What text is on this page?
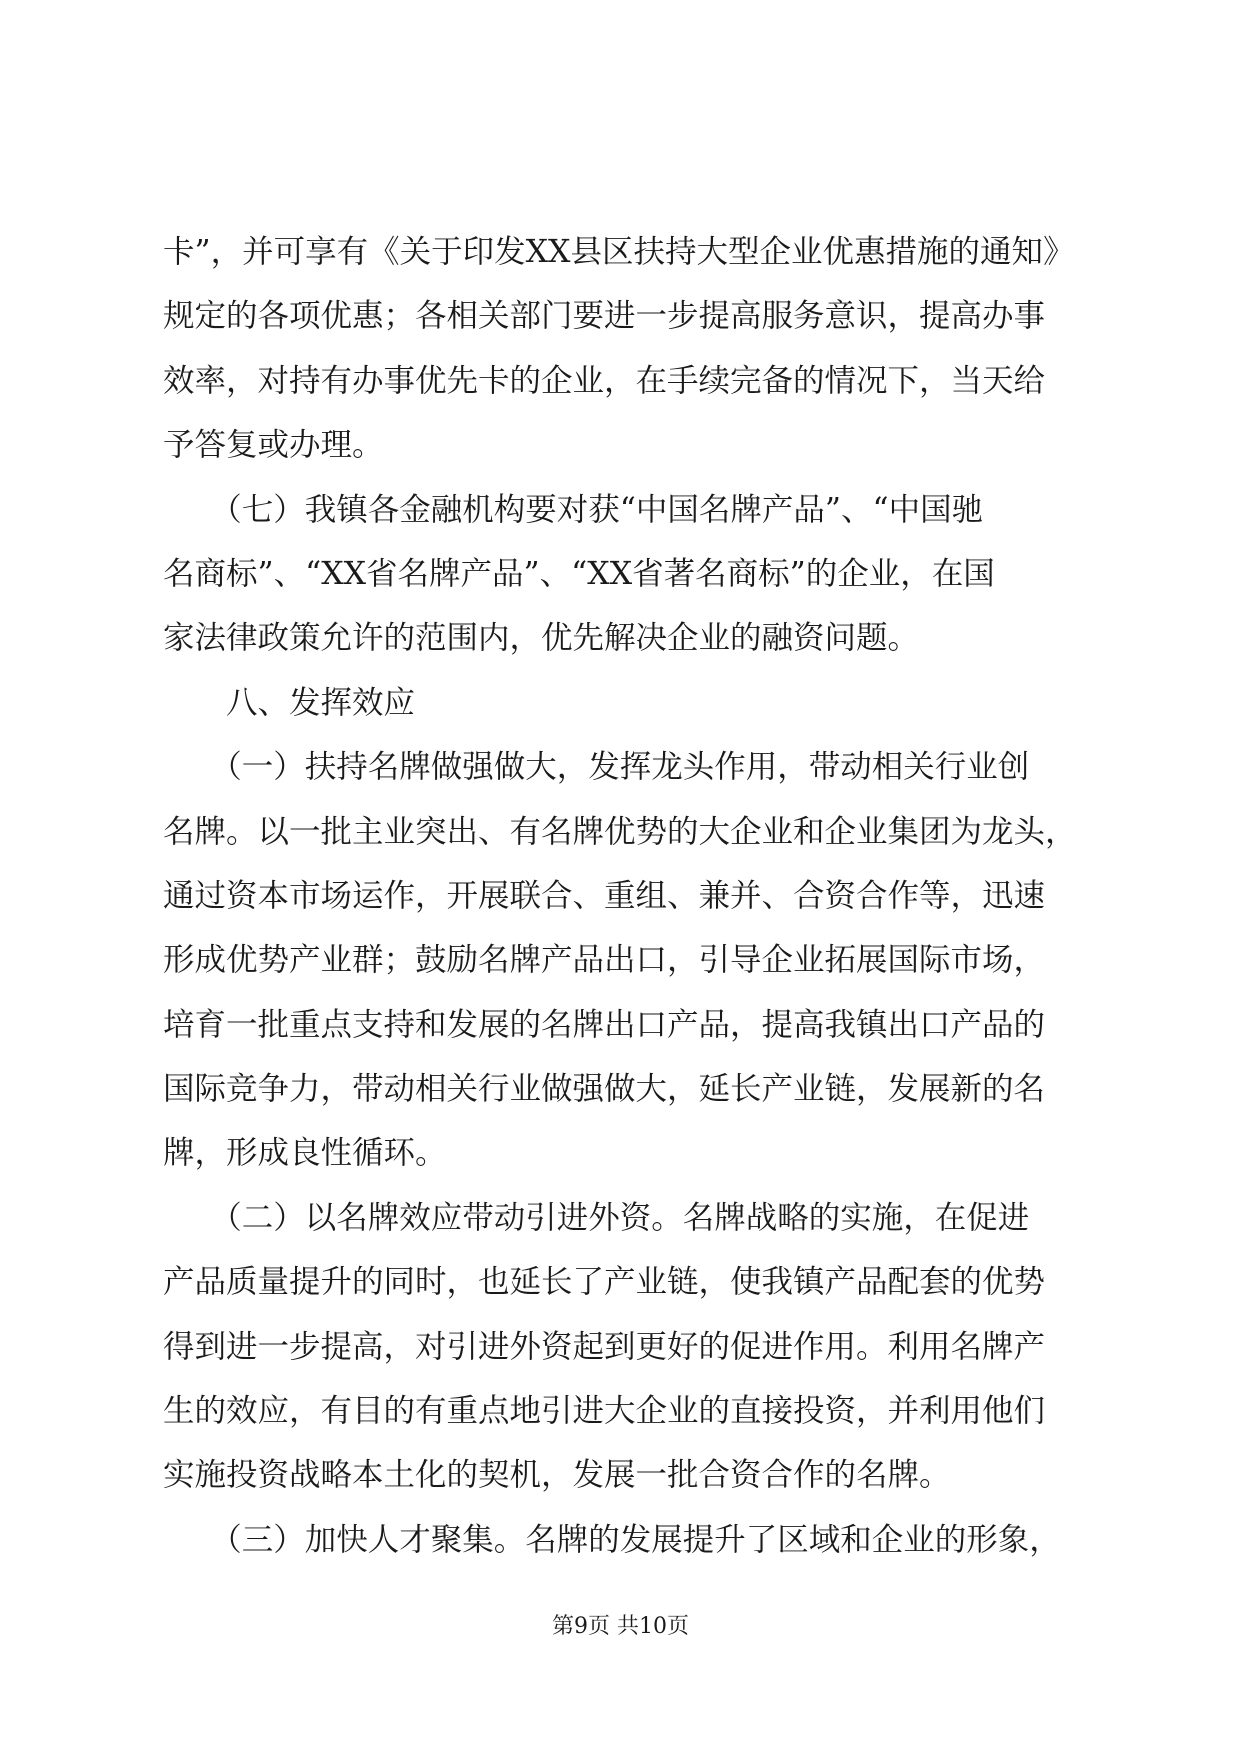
卡”，并可享有《关于印发XX县区扶持大型企业优惠措施的通知》
规定的各项优惠；各相关部门要进一步提高服务意识，提高办事
效率，对持有办事优先卡的企业，在手续完备的情况下，当天给
予答复或办理。
　　（七）我镇各金融机构要对获“中国名牌产品”、“中国驰
名商标”、“XX省名牌产品”、“XX省著名商标”的企业，在国
家法律政策允许的范围内，优先解决企业的融资问题。
　　八、发挥效应
　　（一）扶持名牌做强做大，发挥龙头作用，带动相关行业创
名牌。以一批主业突出、有名牌优势的大企业和企业集团为龙头，
通过资本市场运作，开展联合、重组、兼并、合资合作等，迅速
形成优势产业群；鼓励名牌产品出口，引导企业拓展国际市场，
培育一批重点支持和发展的名牌出口产品，提高我镇出口产品的
国际竞争力，带动相关行业做强做大，延长产业链，发展新的名
牌，形成良性循环。
　　（二）以名牌效应带动引进外资。名牌战略的实施，在促进
产品质量提升的同时，也延长了产业链，使我镇产品配套的优势
得到进一步提高，对引进外资起到更好的促进作用。利用名牌产
生的效应，有目的有重点地引进大企业的直接投资，并利用他们
实施投资战略本土化的契机，发展一批合资合作的名牌。
　　（三）加快人才聚集。名牌的发展提升了区域和企业的形象，
第9页 共10页
